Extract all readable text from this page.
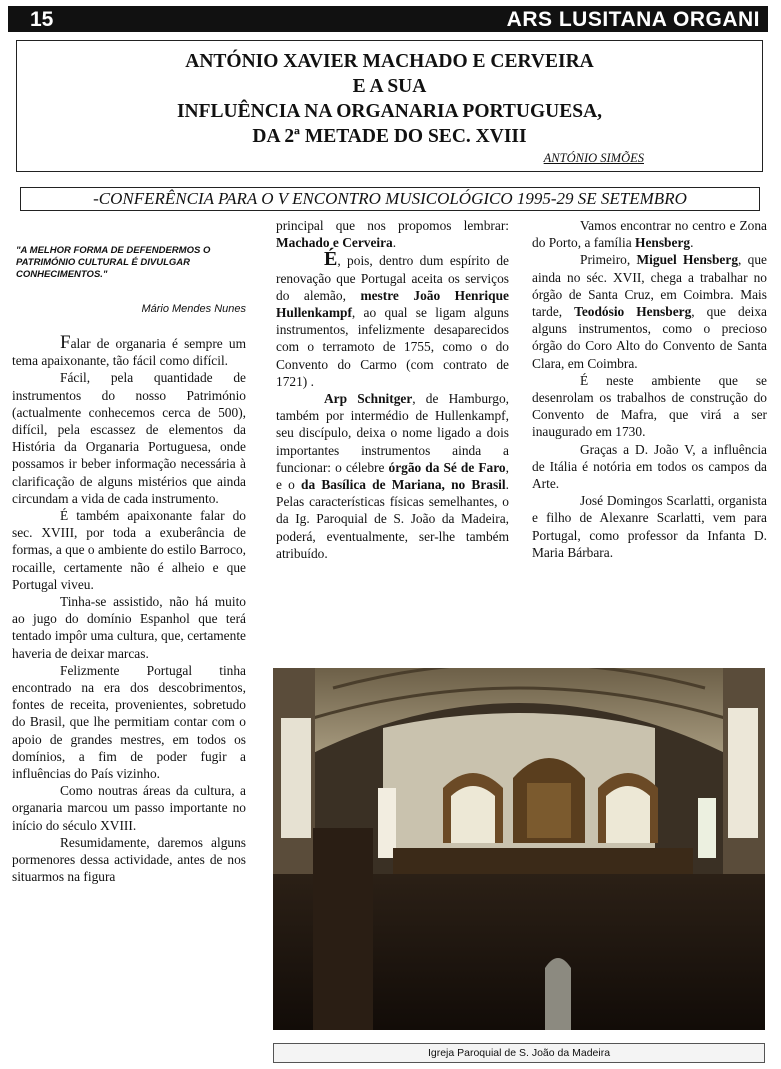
15	ARS LUSITANA ORGANI
ANTÓNIO XAVIER MACHADO E CERVEIRA
E A SUA
INFLUÊNCIA NA ORGANARIA PORTUGUESA,
DA 2ª METADE DO SEC. XVIII
ANTÓNIO SIMÕES
-CONFERÊNCIA PARA O V ENCONTRO MUSICOLÓGICO 1995-29 SE SETEMBRO
"A MELHOR FORMA DE DEFENDERMOS O PATRIMÓNIO CULTURAL É DIVULGAR CONHECIMENTOS."
Mário Mendes Nunes

Falar de organaria é sempre um tema apaixonante, tão fácil como difícil.

Fácil, pela quantidade de instrumentos do nosso Património (actualmente conhecemos cerca de 500), difícil, pela escassez de elementos da História da Organaria Portuguesa, onde possamos ir beber informação necessária à clarificação de alguns mistérios que ainda circundam a vida de cada instrumento.

É também apaixonante falar do sec. XVIII, por toda a exuberância de formas, a que o ambiente do estilo Barroco, rocaille, certamente não é alheio e que Portugal viveu.

Tinha-se assistido, não há muito ao jugo do domínio Espanhol que terá tentado impôr uma cultura, que, certamente haveria de deixar marcas.

Felizmente Portugal tinha encontrado na era dos descobrimentos, fontes de receita, provenientes, sobretudo do Brasil, que lhe permitiam contar com o apoio de grandes mestres, em todos os domínios, a fim de poder fugir a influências do País vizinho.

Como noutras áreas da cultura, a organaria marcou um passo importante no início do século XVIII.

Resumidamente, daremos alguns pormenores dessa actividade, antes de nos situarmos na figura

principal que nos propomos lembrar: Machado e Cerveira.

É, pois, dentro dum espírito de renovação que Portugal aceita os serviços do alemão, mestre João Henrique Hullenkampf, ao qual se ligam alguns instrumentos, infelizmente desaparecidos com o terramoto de 1755, como o do Convento do Carmo (com contrato de 1721) .

Arp Schnitger, de Hamburgo, também por intermédio de Hullenkampf, seu discípulo, deixa o nome ligado a dois importantes instrumentos ainda a funcionar: o célebre órgão da Sé de Faro, e o da Basílica de Mariana, no Brasil. Pelas características físicas semelhantes, o da Ig. Paroquial de S. João da Madeira, poderá, eventualmente, ser-lhe também atribuído.

Vamos encontrar no centro e Zona do Porto, a família Hensberg.

Primeiro, Miguel Hensberg, que ainda no séc. XVII, chega a trabalhar no órgão de Santa Cruz, em Coimbra. Mais tarde, Teodósio Hensberg, que deixa alguns instrumentos, como o precioso órgão do Coro Alto do Convento de Santa Clara, em Coimbra.

É neste ambiente que se desenrolam os trabalhos de construção do Convento de Mafra, que virá a ser inaugurado em 1730.

Graças a D. João V, a influência de Itália é notória em todos os campos da Arte.

José Domingos Scarlatti, organista e filho de Alexanre Scarlatti, vem para Portugal, como professor da Infanta D. Maria Bárbara.

Igreja Paroquial de S. João da Madeira
